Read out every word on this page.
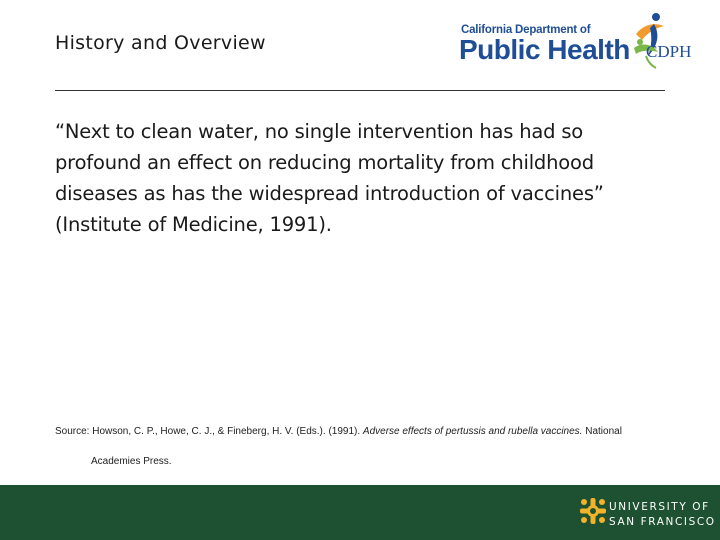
History and Overview
California Department of
Public Health CDPH
“Next to clean water, no single intervention has had so profound an effect on reducing mortality from childhood diseases as has the widespread introduction of vaccines” (Institute of Medicine, 1991).
Source: Howson, C. P., Howe, C. J., & Fineberg, H. V. (Eds.). (1991). Adverse effects of pertussis and rubella vaccines. National
Academies Press.
UNIVERSITY OF
SAN FRANCISCO
